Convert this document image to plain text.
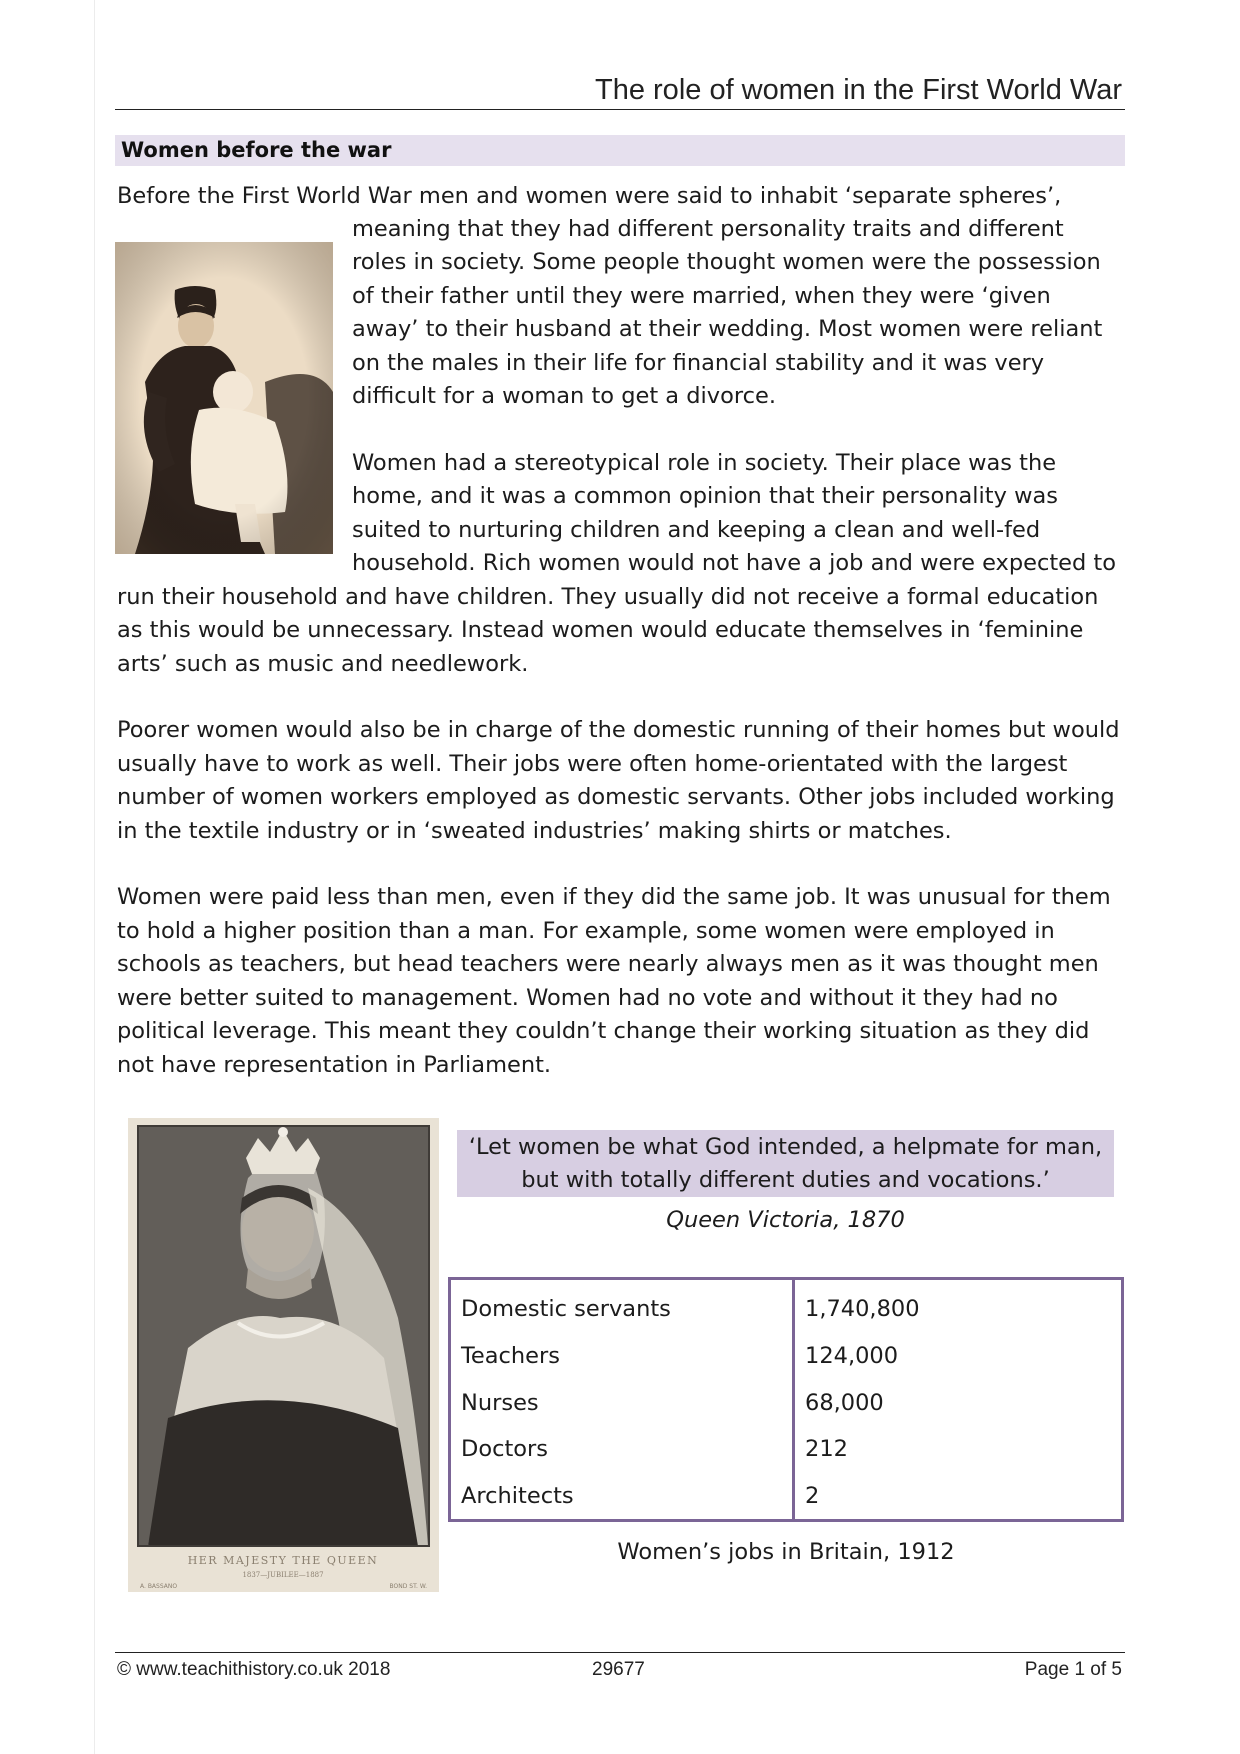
The role of women in the First World War
Women before the war

Before the First World War men and women were said to inhabit ‘separate spheres’,

meaning that they had different personality traits and different

roles in society. Some people thought women were the possession

of their father until they were married, when they were ‘given

away’ to their husband at their wedding. Most women were reliant

on the males in their life for financial stability and it was very

difficult for a woman to get a divorce.

Women had a stereotypical role in society. Their place was the

home, and it was a common opinion that their personality was

suited to nurturing children and keeping a clean and well-fed

household. Rich women would not have a job and were expected to

run their household and have children. They usually did not receive a formal education

as this would be unnecessary. Instead women would educate themselves in ‘feminine

arts’ such as music and needlework.

Poorer women would also be in charge of the domestic running of their homes but would

usually have to work as well. Their jobs were often home-orientated with the largest

number of women workers employed as domestic servants. Other jobs included working

in the textile industry or in ‘sweated industries’ making shirts or matches.

Women were paid less than men, even if they did the same job. It was unusual for them

to hold a higher position than a man. For example, some women were employed in

schools as teachers, but head teachers were nearly always men as it was thought men

were better suited to management. Women had no vote and without it they had no

political leverage. This meant they couldn’t change their working situation as they did

not have representation in Parliament.

HER MAJESTY THE QUEEN
1837—JUBILEE—1887
A. BASSANO	BOND ST. W.
‘Let women be what God intended, a helpmate for man,
but with totally different duties and vocations.’
Queen Victoria, 1870
Domestic servants	1,740,800
Teachers	124,000
Nurses	68,000
Doctors	212
Architects	2
Women’s jobs in Britain, 1912
© www.teachithistory.co.uk 2018	29677	Page 1 of 5
